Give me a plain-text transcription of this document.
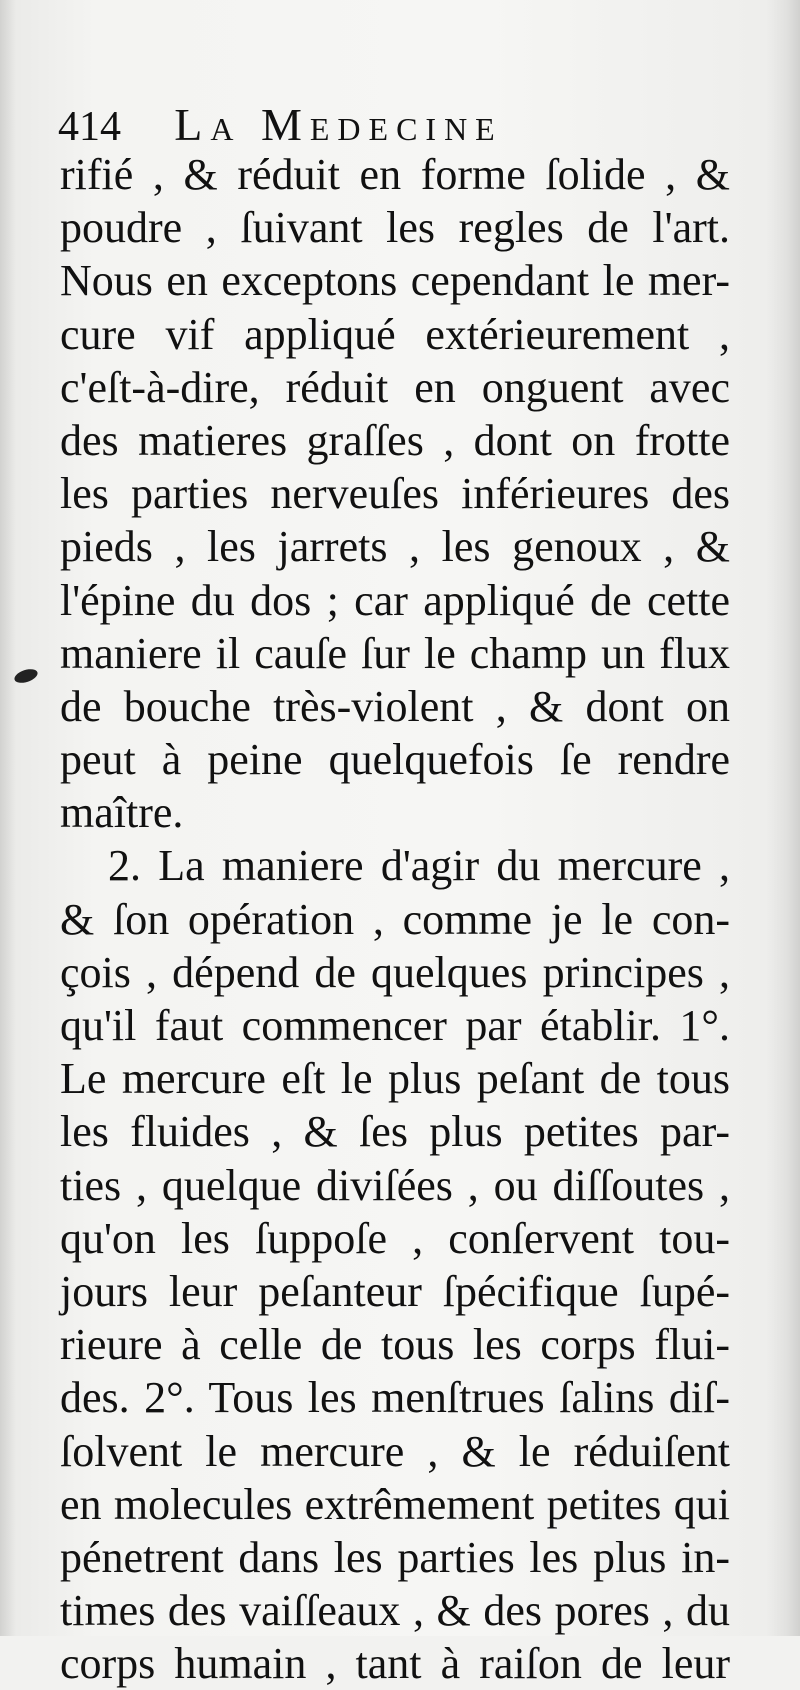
414 La Medecine
rifié , & réduit en forme ſolide , &
poudre , ſuivant les regles de l'art.
Nous en exceptons cependant le mer-
cure vif appliqué extérieurement ,
c'eſt-à-dire, réduit en onguent avec
des matieres graſſes , dont on frotte
les parties nerveuſes inférieures des
pieds , les jarrets , les genoux , &
l'épine du dos ; car appliqué de cette
maniere il cauſe ſur le champ un flux
de bouche très-violent , & dont on
peut à peine quelquefois ſe rendre
maître.
2. La maniere d'agir du mercure ,
& ſon opération , comme je le con-
çois , dépend de quelques principes ,
qu'il faut commencer par établir. 1°.
Le mercure eſt le plus peſant de tous
les fluides , & ſes plus petites par-
ties , quelque diviſées , ou diſſoutes ,
qu'on les ſuppoſe , conſervent tou-
jours leur peſanteur ſpécifique ſupé-
rieure à celle de tous les corps flui-
des. 2°. Tous les menſtrues ſalins diſ-
ſolvent le mercure , & le réduiſent
en molecules extrêmement petites qui
pénetrent dans les parties les plus in-
times des vaiſſeaux , & des pores , du
corps humain , tant à raiſon de leur
